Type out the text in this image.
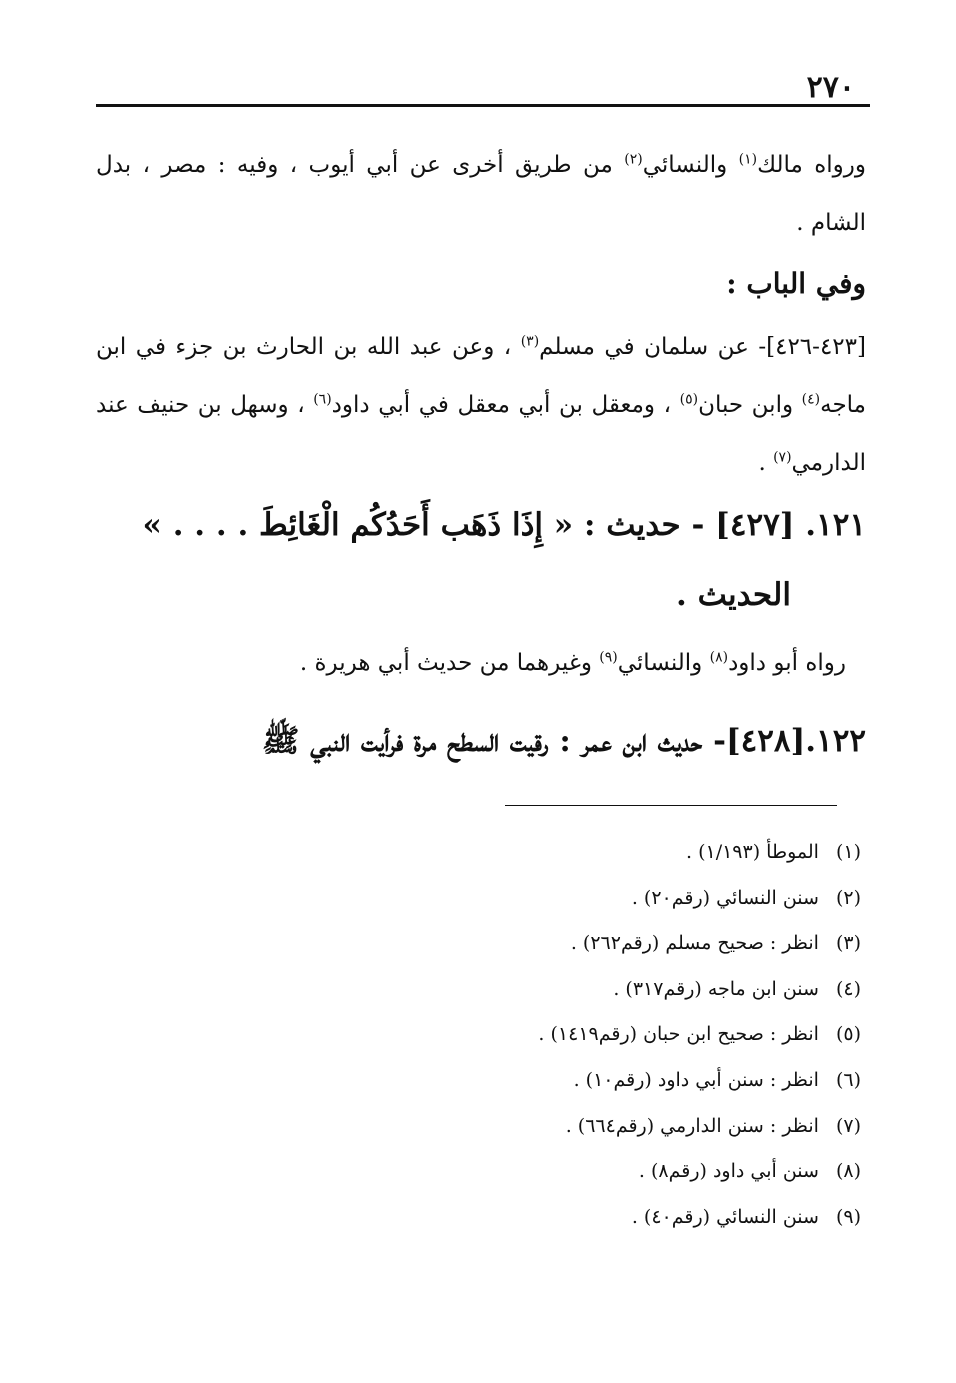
٢٧٠
ورواه مالك$^{(١)}$ والنسائي$^{(٢)}$ من طريق أخرى عن أبي أيوب ، وفيه : مصر ، بدل الشام .
وفي الباب :
[٤٢٣-٤٢٦]- عن سلمان في مسلم$^{(٣)}$ ، وعن عبد الله بن الحارث بن جزء في ابن ماجه$^{(٤)}$ وابن حبان$^{(٥)}$ ، ومعقل بن أبي معقل في أبي داود$^{(٦)}$ ، وسهل بن حنيف عند الدارمي$^{(٧)}$ .
١٢١. [٤٢٧] - حديث : « إِذَا ذَهَب أَحَدُكُم الْغَائِطَ . . . . »
الحديث .
رواه أبو داود$^{(٨)}$ والنسائي$^{(٩)}$ وغيرهما من حديث أبي هريرة .
١٢٢.[٤٢٨]- حديث ابن عمر : رقيت السطح مرة فرأيت النبي ﷺ
(١) الموطأ (١/١٩٣) .
(٢) سنن النسائي (رقم٢٠) .
(٣) انظر : صحيح مسلم (رقم٢٦٢) .
(٤) سنن ابن ماجه (رقم٣١٧) .
(٥) انظر : صحيح ابن حبان (رقم١٤١٩) .
(٦) انظر : سنن أبي داود (رقم١٠) .
(٧) انظر : سنن الدارمي (رقم٦٦٤) .
(٨) سنن أبي داود (رقم٨) .
(٩) سنن النسائي (رقم٤٠) .
